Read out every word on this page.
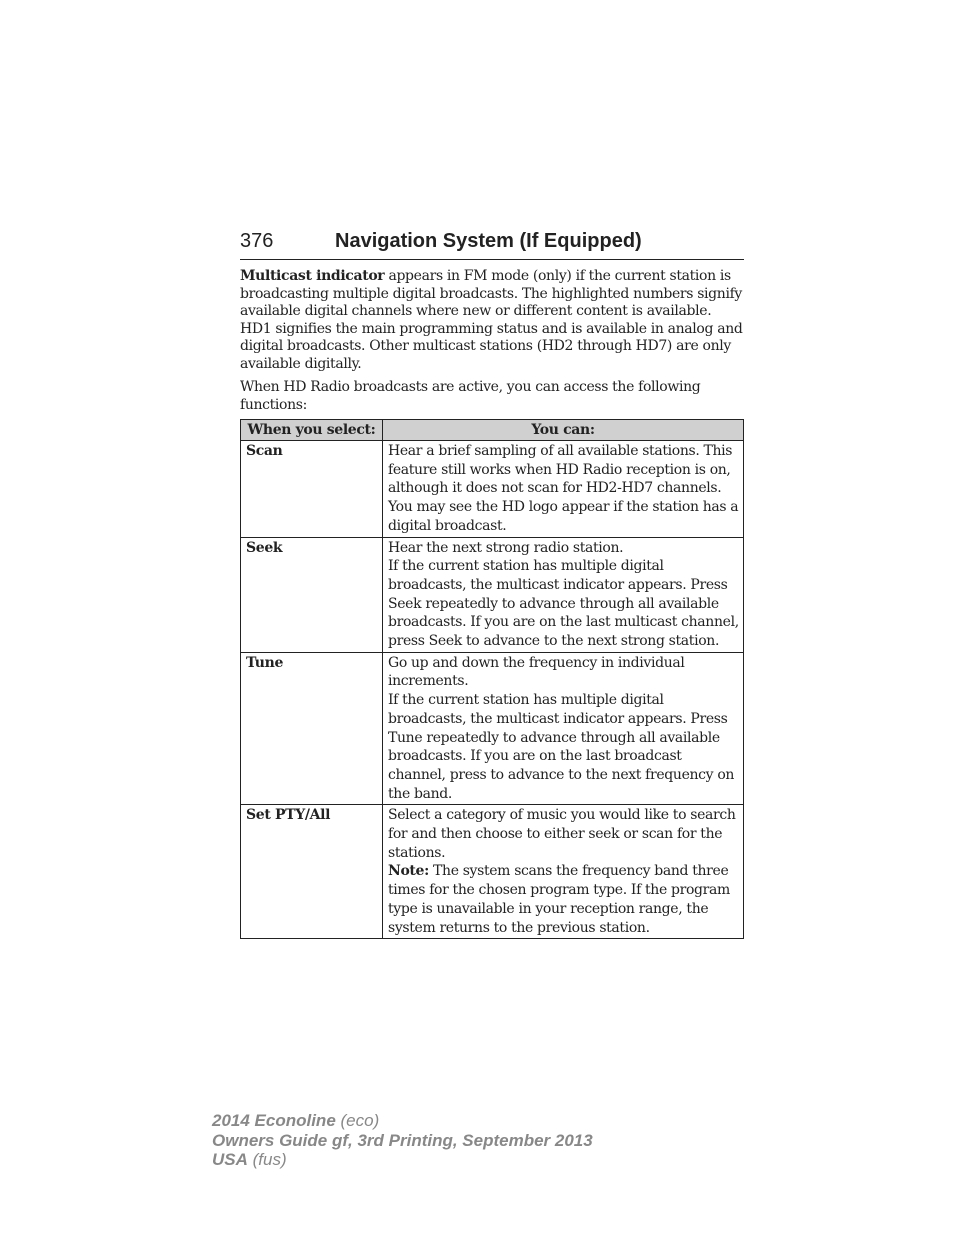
376	Navigation System (If Equipped)

Multicast indicator appears in FM mode (only) if the current station is broadcasting multiple digital broadcasts. The highlighted numbers signify available digital channels where new or different content is available. HD1 signifies the main programming status and is available in analog and digital broadcasts. Other multicast stations (HD2 through HD7) are only available digitally.

When HD Radio broadcasts are active, you can access the following functions:

When you select:	You can:
Scan	Hear a brief sampling of all available stations. This feature still works when HD Radio reception is on, although it does not scan for HD2-HD7 channels. You may see the HD logo appear if the station has a digital broadcast.

Seek	Hear the next strong radio station.
If the current station has multiple digital broadcasts, the multicast indicator appears. Press Seek repeatedly to advance through all available broadcasts. If you are on the last multicast channel, press Seek to advance to the next strong station.

Tune	Go up and down the frequency in individual increments.
If the current station has multiple digital broadcasts, the multicast indicator appears. Press Tune repeatedly to advance through all available broadcasts. If you are on the last broadcast channel, press to advance to the next frequency on the band.

Set PTY/All	Select a category of music you would like to search for and then choose to either seek or scan for the stations.
Note: The system scans the frequency band three times for the chosen program type. If the program type is unavailable in your reception range, the system returns to the previous station.
2014 Econoline (eco)
Owners Guide gf, 3rd Printing, September 2013
USA (fus)
